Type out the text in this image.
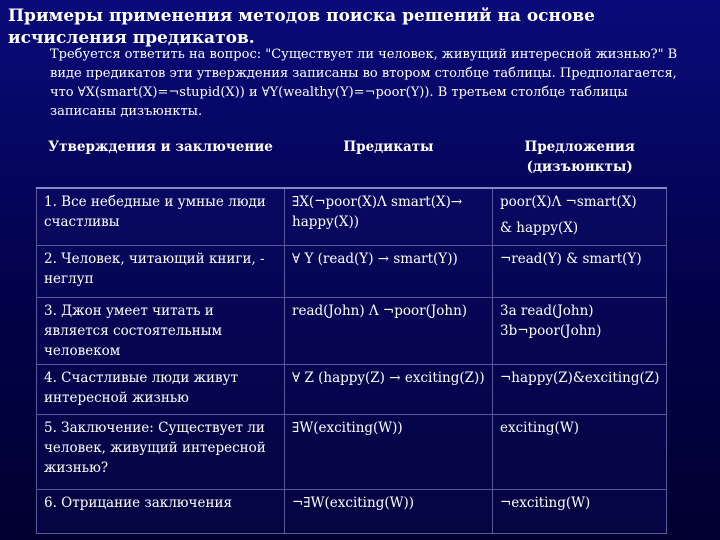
Примеры применения методов поиска решений на основе исчисления предикатов.
Требуется ответить на вопрос: "Существует ли человек, живущий интересной жизнью?" В
виде предикатов эти утверждения записаны во втором столбце таблицы. Предполагается,
что ∀X(smart(X)=¬stupid(X)) и ∀Y(wealthy(Y)=¬poor(Y)). В третьем столбце таблицы
записаны дизъюнкты.
Утверждения и заключение	Предикаты	Предложения
(дизъюнкты)

1. Все небедные и умные люди счастливы	∃X(¬poor(X)Λ smart(X)→ happy(X))	poor(X)Λ ¬smart(X)
& happy(X)

2. Человек, читающий книги, - неглуп	∀ Y (read(Y) → smart(Y))	¬read(Y) & smart(Y)
3. Джон умеет читать и является состоятельным человеком	read(John) Λ ¬poor(John)	3a read(John)
3b¬poor(John)

4. Счастливые люди живут интересной жизнью	∀ Z (happy(Z) → exciting(Z))	¬happy(Z)&exciting(Z)
5. Заключение: Существует ли человек, живущий интересной жизнью?	∃W(exciting(W))	exciting(W)
6. Отрицание заключения	¬∃W(exciting(W))	¬exciting(W)
